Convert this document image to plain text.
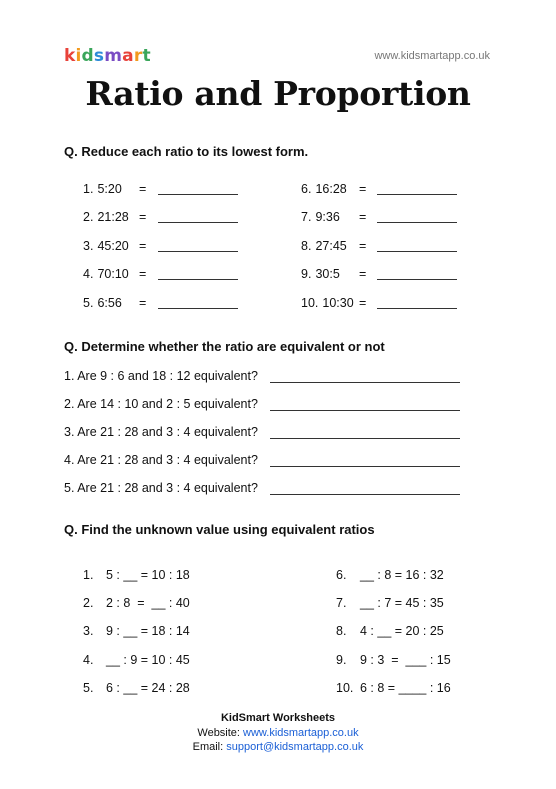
kidsmart	www.kidsmartapp.co.uk
Ratio and Proportion
Q. Reduce each ratio to its lowest form.
1. 5:20 =
2. 21:28 =
3. 45:20 =
4. 70:10 =
5. 6:56 =
6. 16:28 =
7. 9:36 =
8. 27:45 =
9. 30:5 =
10. 10:30 =
Q. Determine whether the ratio are equivalent or not
1. Are 9 : 6 and 18 : 12 equivalent?
2. Are 14 : 10 and 2 : 5 equivalent?
3. Are 21 : 28 and 3 : 4 equivalent?
4. Are 21 : 28 and 3 : 4 equivalent?
5. Are 21 : 28 and 3 : 4 equivalent?
Q. Find the unknown value using equivalent ratios
1. 5 : __ = 10 : 18
2. 2 : 8  =  __ : 40
3. 9 : __ = 18 : 14
4. __ : 9 = 10 : 45
5. 6 : __ = 24 : 28
6. __ : 8 = 16 : 32
7. __ : 7 = 45 : 35
8. 4 : __ = 20 : 25
9. 9 : 3  =  ___ : 15
10. 6 : 8 = ____ : 16
KidSmart Worksheets
Website: www.kidsmartapp.co.uk
Email: support@kidsmartapp.co.uk
